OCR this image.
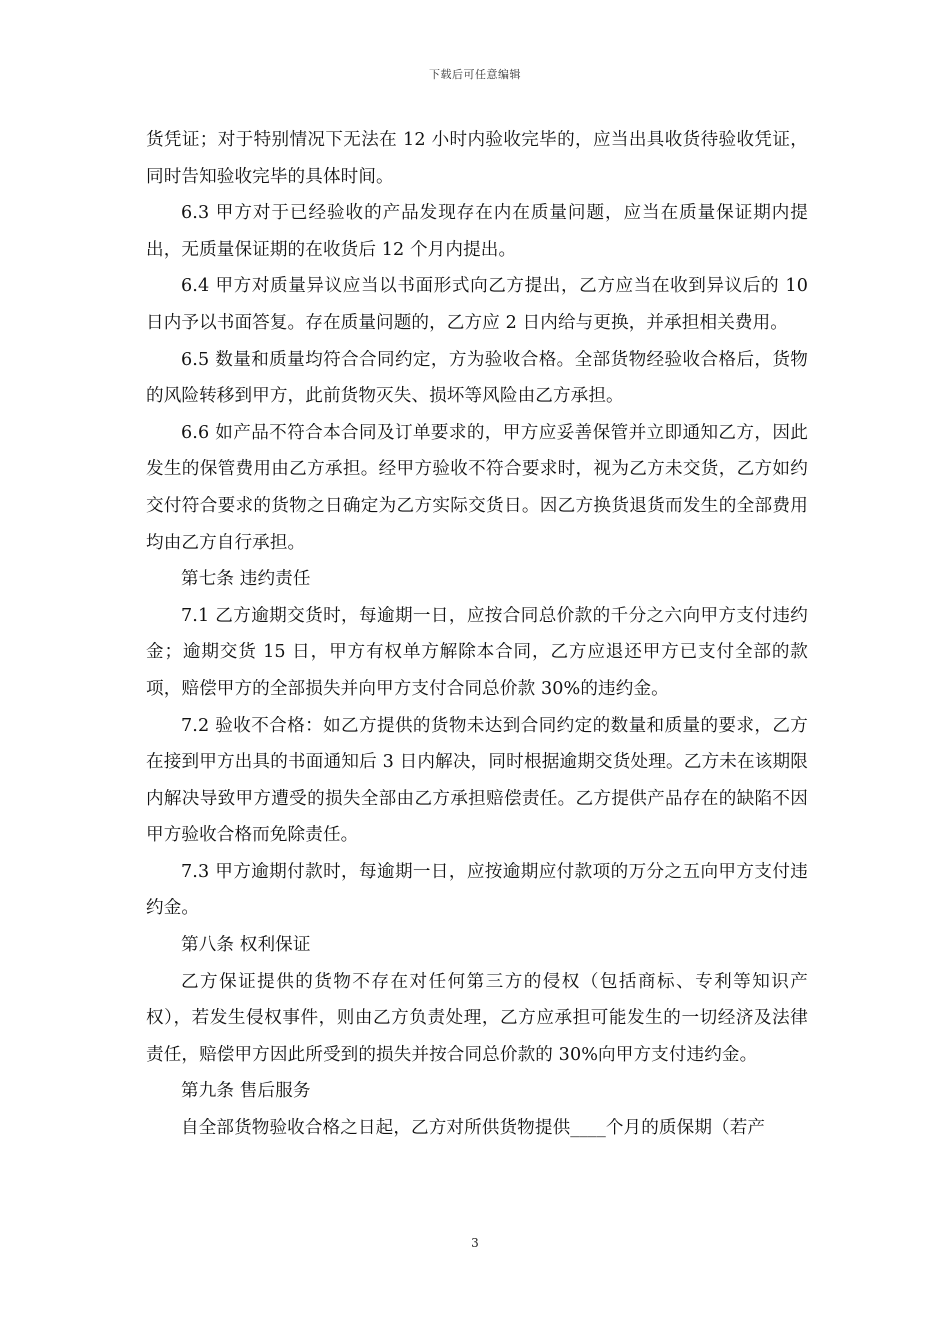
下载后可任意编辑

货凭证；对于特别情况下无法在 12 小时内验收完毕的，应当出具收货待验收凭证，同时告知验收完毕的具体时间。

6.3 甲方对于已经验收的产品发现存在内在质量问题，应当在质量保证期内提出，无质量保证期的在收货后 12 个月内提出。

6.4 甲方对质量异议应当以书面形式向乙方提出，乙方应当在收到异议后的 10 日内予以书面答复。存在质量问题的，乙方应 2 日内给与更换，并承担相关费用。

6.5 数量和质量均符合合同约定，方为验收合格。全部货物经验收合格后，货物的风险转移到甲方，此前货物灭失、损坏等风险由乙方承担。

6.6 如产品不符合本合同及订单要求的，甲方应妥善保管并立即通知乙方，因此发生的保管费用由乙方承担。经甲方验收不符合要求时，视为乙方未交货，乙方如约交付符合要求的货物之日确定为乙方实际交货日。因乙方换货退货而发生的全部费用均由乙方自行承担。

第七条 违约责任

7.1 乙方逾期交货时，每逾期一日，应按合同总价款的千分之六向甲方支付违约金；逾期交货 15 日，甲方有权单方解除本合同，乙方应退还甲方已支付全部的款项，赔偿甲方的全部损失并向甲方支付合同总价款 30%的违约金。

7.2 验收不合格：如乙方提供的货物未达到合同约定的数量和质量的要求，乙方在接到甲方出具的书面通知后 3 日内解决，同时根据逾期交货处理。乙方未在该期限内解决导致甲方遭受的损失全部由乙方承担赔偿责任。乙方提供产品存在的缺陷不因甲方验收合格而免除责任。

7.3 甲方逾期付款时，每逾期一日，应按逾期应付款项的万分之五向甲方支付违约金。

第八条 权利保证

乙方保证提供的货物不存在对任何第三方的侵权（包括商标、专利等知识产权），若发生侵权事件，则由乙方负责处理，乙方应承担可能发生的一切经济及法律责任，赔偿甲方因此所受到的损失并按合同总价款的 30%向甲方支付违约金。

第九条 售后服务

自全部货物验收合格之日起，乙方对所供货物提供____个月的质保期（若产

3
